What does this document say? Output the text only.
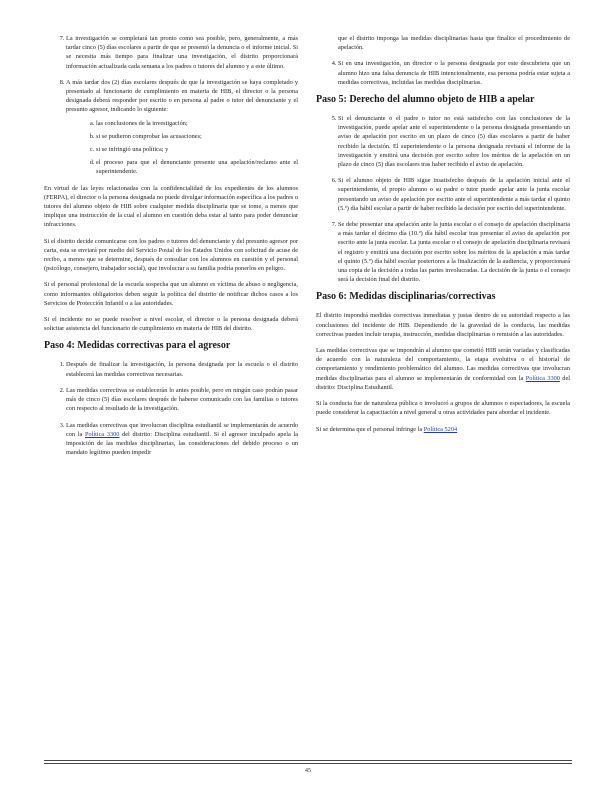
7. La investigación se completará tan pronto como sea posible, pero, generalmente, a más tardar cinco (5) días escolares a partir de que se presentó la denuncia o el informe inicial. Si se necesita más tiempo para finalizar una investigación, el distrito proporcionará información actualizada cada semana a los padres o tutores del alumno y a este último.
8. A más tardar dos (2) días escolares después de que la investigación se haya completado y presentado al funcionario de cumplimiento en materia de HIB, el director o la persona designada deberá responder por escrito o en persona al padre o tutor del denunciante y el presunto agresor, indicando lo siguiente:
a. las conclusiones de la investigación;
b. si se pudieron comprobar las acusaciones;
c. si se infringió una política; y
d. el proceso para que el denunciante presente una apelación/reclamo ante el superintendente.

En virtud de las leyes relacionadas con la confidencialidad de los expedientes de los alumnos (FERPA), el director o la persona designada no puede divulgar información específica a los padres o tutores del alumno objeto de HIB sobre cualquier medida disciplinaria que se tome, a menos que implique una instrucción de la cual el alumno en cuestión deba estar al tanto para poder denunciar infracciones.

Si el distrito decide comunicarse con los padres o tutores del denunciante y del presunto agresor por carta, esta se enviará por medio del Servicio Postal de los Estados Unidos con solicitud de acuse de recibo, a menos que se determine, después de consultar con los alumnos en cuestión y el personal (psicólogo, consejero, trabajador social), que involucrar a su familia podría ponerlos en peligro.

Si el personal profesional de la escuela sospecha que un alumno es víctima de abuso o negligencia, como informantes obligatorios deben seguir la política del distrito de notificar dichos casos a los Servicios de Protección Infantil o a las autoridades.

Si el incidente no se puede resolver a nivel escolar, el director o la persona designada deberá solicitar asistencia del funcionario de cumplimiento en materia de HIB del distrito.

Paso 4: Medidas correctivas para el agresor
1. Después de finalizar la investigación, la persona designada por la escuela o el distrito establecerá las medidas correctivas necesarias.
2. Las medidas correctivas se establecerán lo antes posible, pero en ningún caso podrán pasar más de cinco (5) días escolares después de haberse comunicado con las familias o tutores con respecto al resultado de la investigación.
3. Las medidas correctivas que involucran disciplina estudiantil se implementarán de acuerdo con la Política 3300 del distrito: Disciplina estudiantil. Si el agresor inculpado apela la imposición de las medidas disciplinarias, las consideraciones del debido proceso o un mandato legítimo pueden impedir

que el distrito imponga las medidas disciplinarias hasta que finalice el procedimiento de apelación.

4. Si en una investigación, un director o la persona designada por este descubriera que un alumno hizo una falsa denuncia de HIB intencionalmente, esa persona podría estar sujeta a medidas correctivas, incluidas las medidas disciplinarias.
Paso 5: Derecho del alumno objeto de HIB a apelar
5. Si el denunciante o el padre o tutor no está satisfecho con las conclusiones de la investigación, puede apelar ante el superintendente o la persona designada presentando un aviso de apelación por escrito en un plazo de cinco (5) días escolares a partir de haber recibido la decisión. El superintendente o la persona designada revisará el informe de la investigación y emitirá una decisión por escrito sobre los méritos de la apelación en un plazo de cinco (5) días escolares tras haber recibido el aviso de apelación.
6. Si el alumno objeto de HIB sigue insatisfecho después de la apelación inicial ante el superintendente, el propio alumno o su padre o tutor puede apelar ante la junta escolar presentando un aviso de apelación por escrito ante el superintendente a más tardar el quinto (5.º) día hábil escolar a partir de haber recibido la decisión por escrito del superintendente.
7. Se debe presentar una apelación ante la junta escolar o el consejo de apelación disciplinaria a más tardar el décimo día (10.º) día hábil escolar tras presentar el aviso de apelación por escrito ante la junta escolar. La junta escolar o el consejo de apelación disciplinaria revisará el registro y emitirá una decisión por escrito sobre los méritos de la apelación a más tardar el quinto (5.º) día hábil escolar posteriores a la finalización de la audiencia, y proporcionará una copia de la decisión a todas las partes involucradas. La decisión de la junta o el consejo será la decisión final del distrito.
Paso 6: Medidas disciplinarias/correctivas

El distrito impondrá medidas correctivas inmediatas y justas dentro de su autoridad respecto a las conclusiones del incidente de HIB. Dependiendo de la gravedad de la conducta, las medidas correctivas pueden incluir terapia, instrucción, medidas disciplinarias o remisión a las autoridades.

Las medidas correctivas que se impondrán al alumno que cometió HIB serán variadas y clasificadas de acuerdo con la naturaleza del comportamiento, la etapa evolutiva o el historial de comportamiento y rendimiento problemático del alumno. Las medidas correctivas que involucran medidas disciplinarias para el alumno se implementarán de conformidad con la Política 3300 del distrito: Disciplina Estudiantil.

Si la conducta fue de naturaleza pública o involucró a grupos de alumnos o espectadores, la escuela puede considerar la capacitación a nivel general u otras actividades para abordar el incidente.

Si se determina que el personal infringe la Política 5204

45
